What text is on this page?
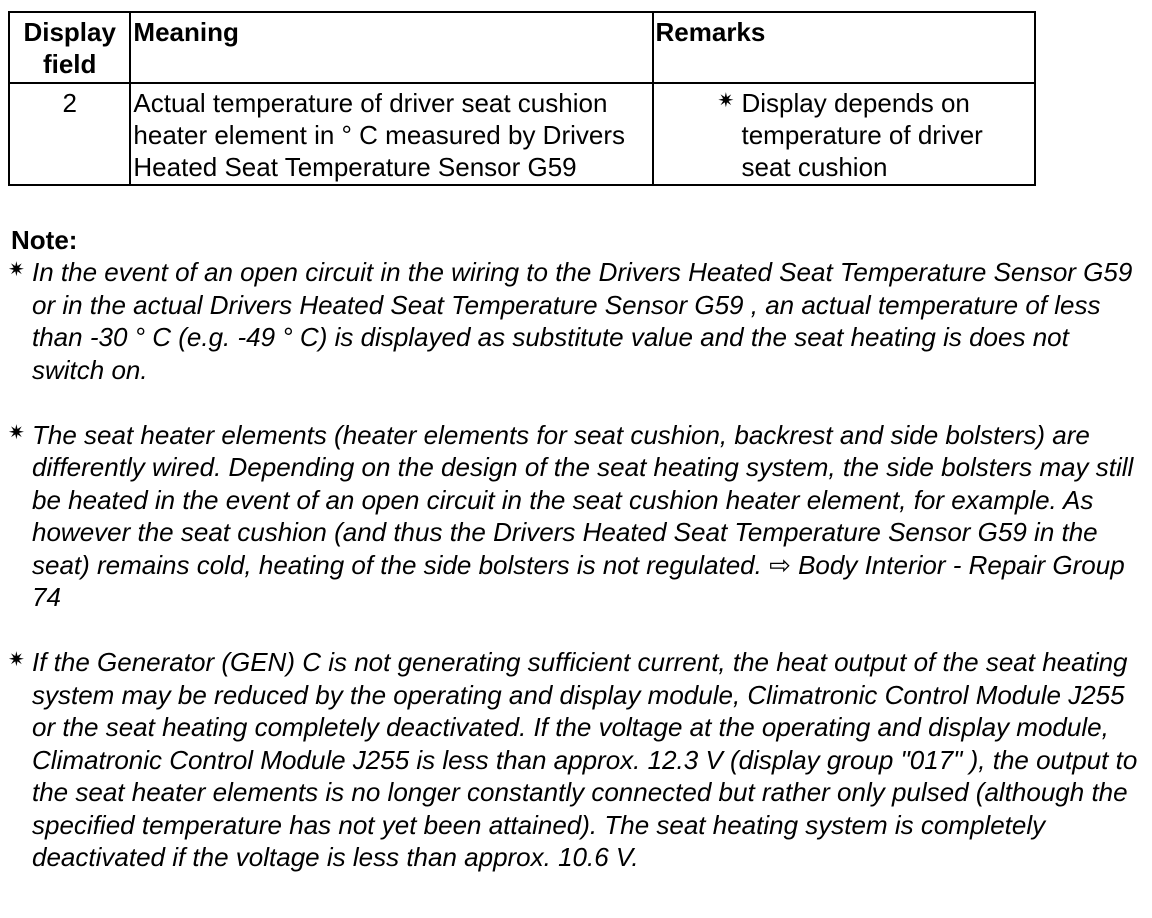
Display field	Meaning	Remarks
2	Actual temperature of driver seat cushion heater element in ° C measured by Drivers Heated Seat Temperature Sensor G59	✷ Display depends on temperature of driver seat cushion
Note:
✷ In the event of an open circuit in the wiring to the Drivers Heated Seat Temperature Sensor G59 or in the actual Drivers Heated Seat Temperature Sensor G59 , an actual temperature of less than -30 ° C (e.g. -49 ° C) is displayed as substitute value and the seat heating is does not switch on.
✷ The seat heater elements (heater elements for seat cushion, backrest and side bolsters) are differently wired. Depending on the design of the seat heating system, the side bolsters may still be heated in the event of an open circuit in the seat cushion heater element, for example. As however the seat cushion (and thus the Drivers Heated Seat Temperature Sensor G59 in the seat) remains cold, heating of the side bolsters is not regulated. ⇨ Body Interior - Repair Group 74
✷ If the Generator (GEN) C is not generating sufficient current, the heat output of the seat heating system may be reduced by the operating and display module, Climatronic Control Module J255 or the seat heating completely deactivated. If the voltage at the operating and display module, Climatronic Control Module J255 is less than approx. 12.3 V (display group "017" ), the output to the seat heater elements is no longer constantly connected but rather only pulsed (although the specified temperature has not yet been attained). The seat heating system is completely deactivated if the voltage is less than approx. 10.6 V.
